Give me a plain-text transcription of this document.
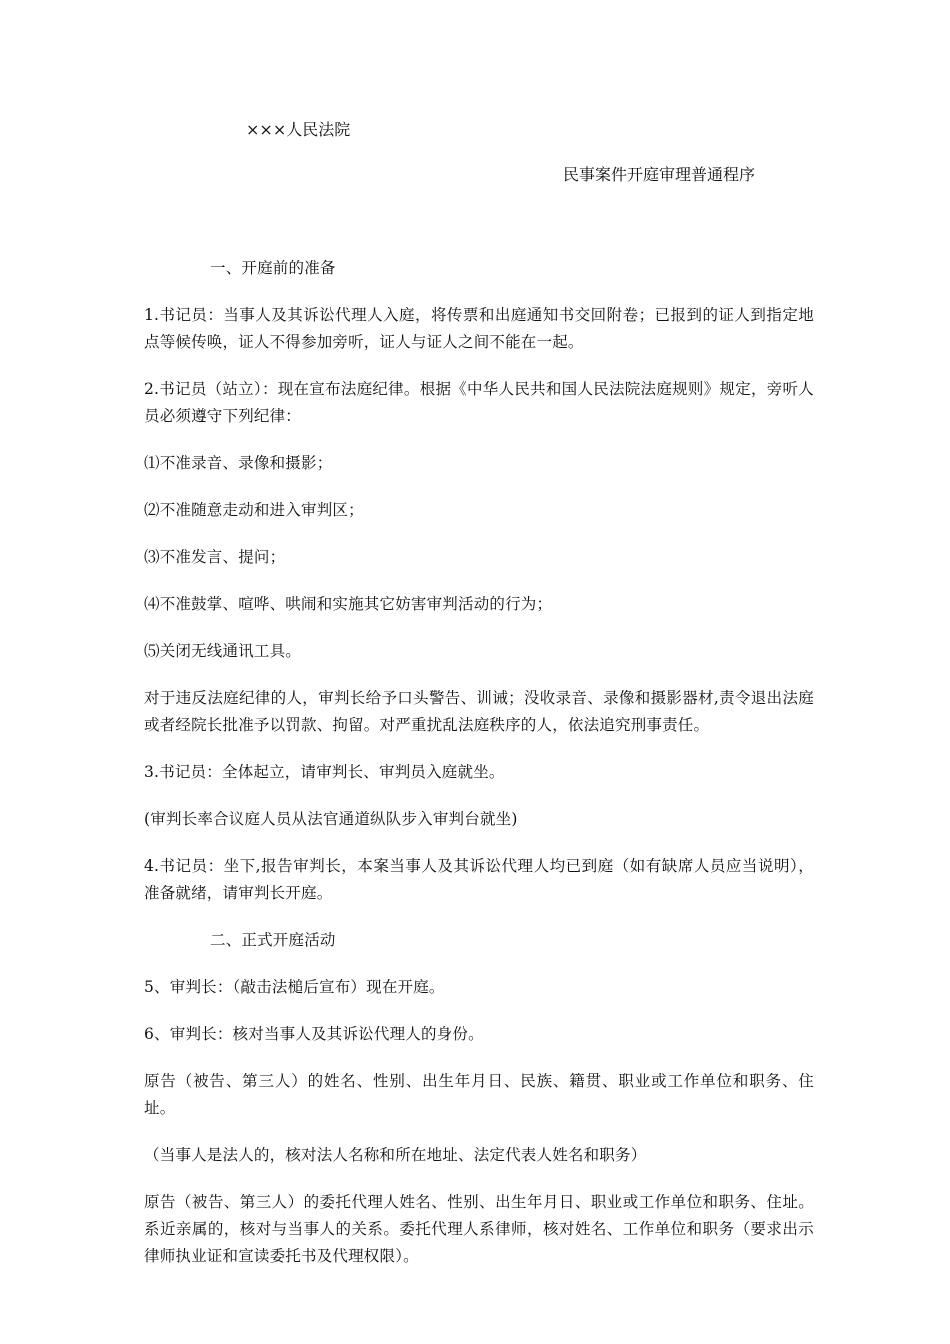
×××人民法院
民事案件开庭审理普通程序

一、开庭前的准备

1.书记员：当事人及其诉讼代理人入庭，将传票和出庭通知书交回附卷；已报到的证人到指定地点等候传唤，证人不得参加旁听，证人与证人之间不能在一起。

2.书记员（站立）：现在宣布法庭纪律。根据《中华人民共和国人民法院法庭规则》规定，旁听人员必须遵守下列纪律：

⑴不准录音、录像和摄影；

⑵不准随意走动和进入审判区；

⑶不准发言、提问；

⑷不准鼓掌、喧哗、哄闹和实施其它妨害审判活动的行为；

⑸关闭无线通讯工具。

对于违反法庭纪律的人，审判长给予口头警告、训诫；没收录音、录像和摄影器材,责令退出法庭或者经院长批准予以罚款、拘留。对严重扰乱法庭秩序的人，依法追究刑事责任。

3.书记员：全体起立，请审判长、审判员入庭就坐。

(审判长率合议庭人员从法官通道纵队步入审判台就坐)

4.书记员：坐下,报告审判长，本案当事人及其诉讼代理人均已到庭（如有缺席人员应当说明），准备就绪，请审判长开庭。

二、正式开庭活动

5、审判长：（敲击法槌后宣布）现在开庭。

6、审判长：核对当事人及其诉讼代理人的身份。

原告（被告、第三人）的姓名、性别、出生年月日、民族、籍贯、职业或工作单位和职务、住址。

（当事人是法人的，核对法人名称和所在地址、法定代表人姓名和职务）

原告（被告、第三人）的委托代理人姓名、性别、出生年月日、职业或工作单位和职务、住址。系近亲属的，核对与当事人的关系。委托代理人系律师，核对姓名、工作单位和职务（要求出示律师执业证和宣读委托书及代理权限）。
